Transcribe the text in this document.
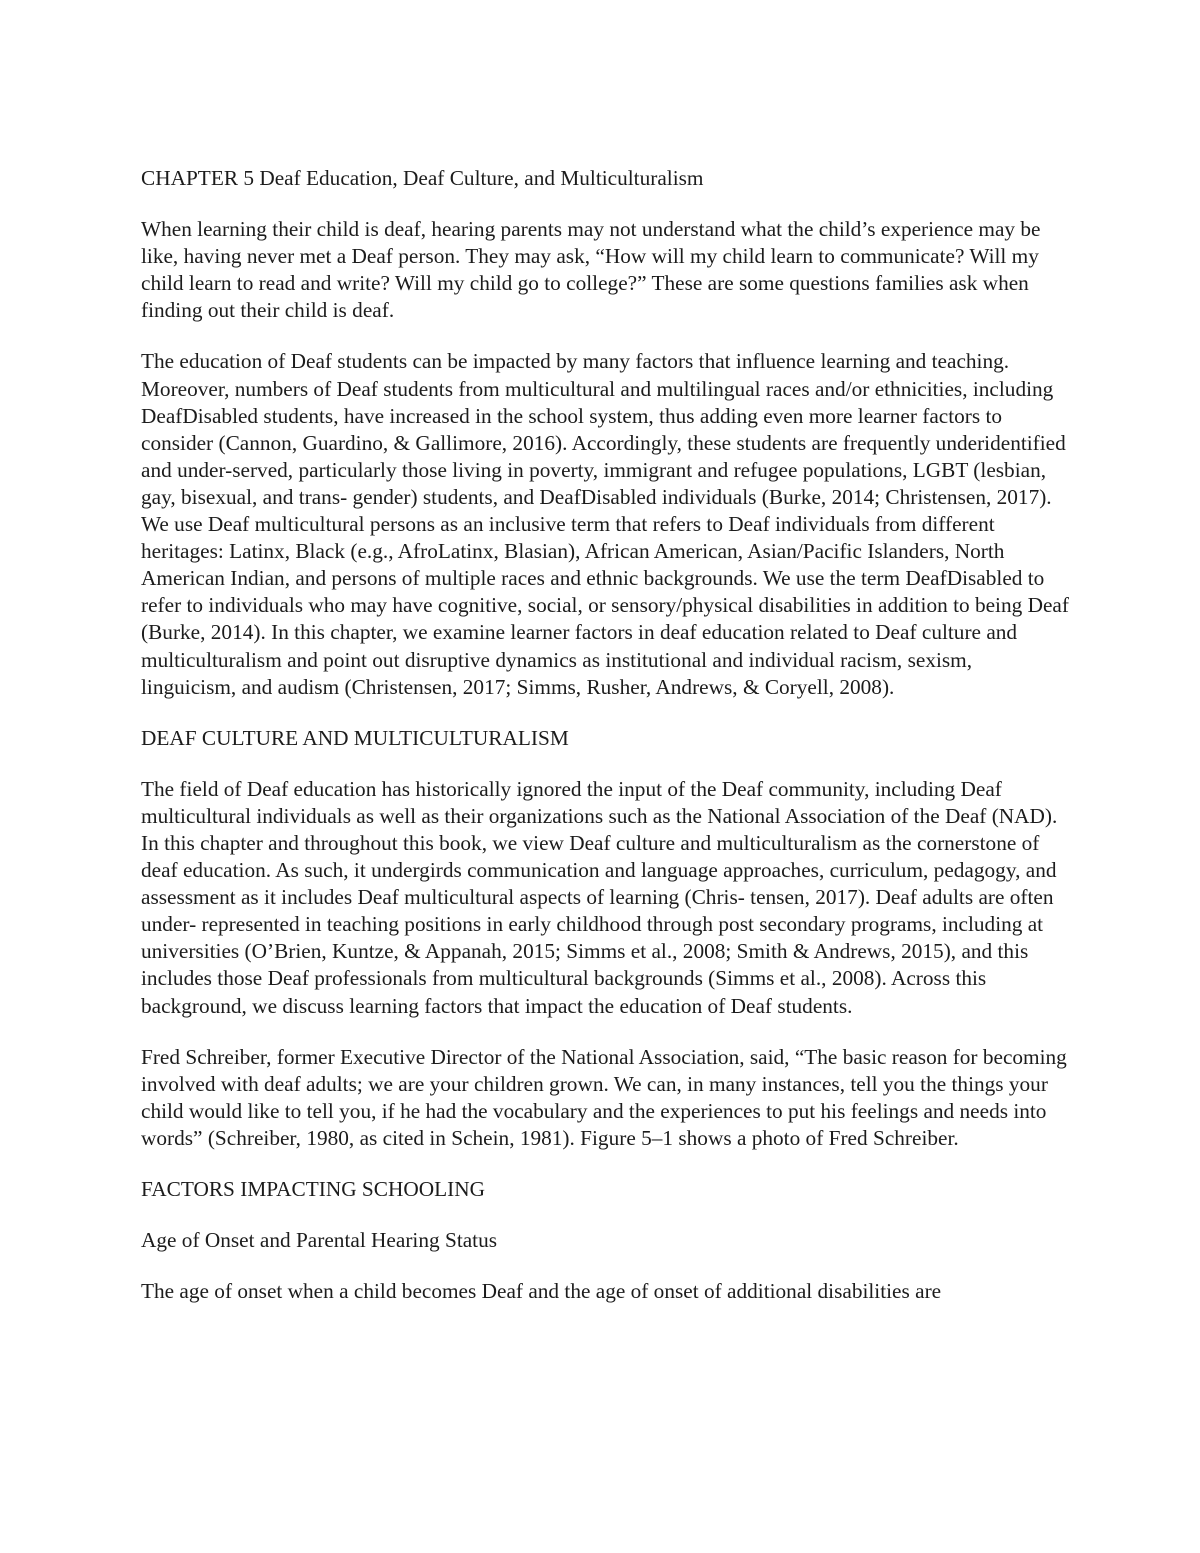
CHAPTER 5 Deaf Education, Deaf Culture, and Multiculturalism

When learning their child is deaf, hearing parents may not understand what the child’s experience may be like, having never met a Deaf person. They may ask, “How will my child learn to communicate? Will my child learn to read and write? Will my child go to college?” These are some questions families ask when finding out their child is deaf.

The education of Deaf students can be impacted by many factors that influence learning and teaching. Moreover, numbers of Deaf students from multicultural and multilingual races and/or ethnicities, including DeafDisabled students, have increased in the school system, thus adding even more learner factors to consider (Cannon, Guardino, & Gallimore, 2016). Accordingly, these students are frequently underidentified and under-served, particularly those living in poverty, immigrant and refugee populations, LGBT (lesbian, gay, bisexual, and trans- gender) students, and DeafDisabled individuals (Burke, 2014; Christensen, 2017). We use Deaf multicultural persons as an inclusive term that refers to Deaf individuals from different heritages: Latinx, Black (e.g., AfroLatinx, Blasian), African American, Asian/Pacific Islanders, North American Indian, and persons of multiple races and ethnic backgrounds. We use the term DeafDisabled to refer to individuals who may have cognitive, social, or sensory/physical disabilities in addition to being Deaf (Burke, 2014). In this chapter, we examine learner factors in deaf education related to Deaf culture and multiculturalism and point out disruptive dynamics as institutional and individual racism, sexism, linguicism, and audism (Christensen, 2017; Simms, Rusher, Andrews, & Coryell, 2008).

DEAF CULTURE AND MULTICULTURALISM

The field of Deaf education has historically ignored the input of the Deaf community, including Deaf multicultural individuals as well as their organizations such as the National Association of the Deaf (NAD). In this chapter and throughout this book, we view Deaf culture and multiculturalism as the cornerstone of deaf education. As such, it undergirds communication and language approaches, curriculum, pedagogy, and assessment as it includes Deaf multicultural aspects of learning (Chris- tensen, 2017). Deaf adults are often under- represented in teaching positions in early childhood through post secondary programs, including at universities (O’Brien, Kuntze, & Appanah, 2015; Simms et al., 2008; Smith & Andrews, 2015), and this includes those Deaf professionals from multicultural backgrounds (Simms et al., 2008). Across this background, we discuss learning factors that impact the education of Deaf students.

Fred Schreiber, former Executive Director of the National Association, said, “The basic reason for becoming involved with deaf adults; we are your children grown. We can, in many instances, tell you the things your child would like to tell you, if he had the vocabulary and the experiences to put his feelings and needs into words” (Schreiber, 1980, as cited in Schein, 1981). Figure 5–1 shows a photo of Fred Schreiber.

FACTORS IMPACTING SCHOOLING

Age of Onset and Parental Hearing Status

The age of onset when a child becomes Deaf and the age of onset of additional disabilities are
